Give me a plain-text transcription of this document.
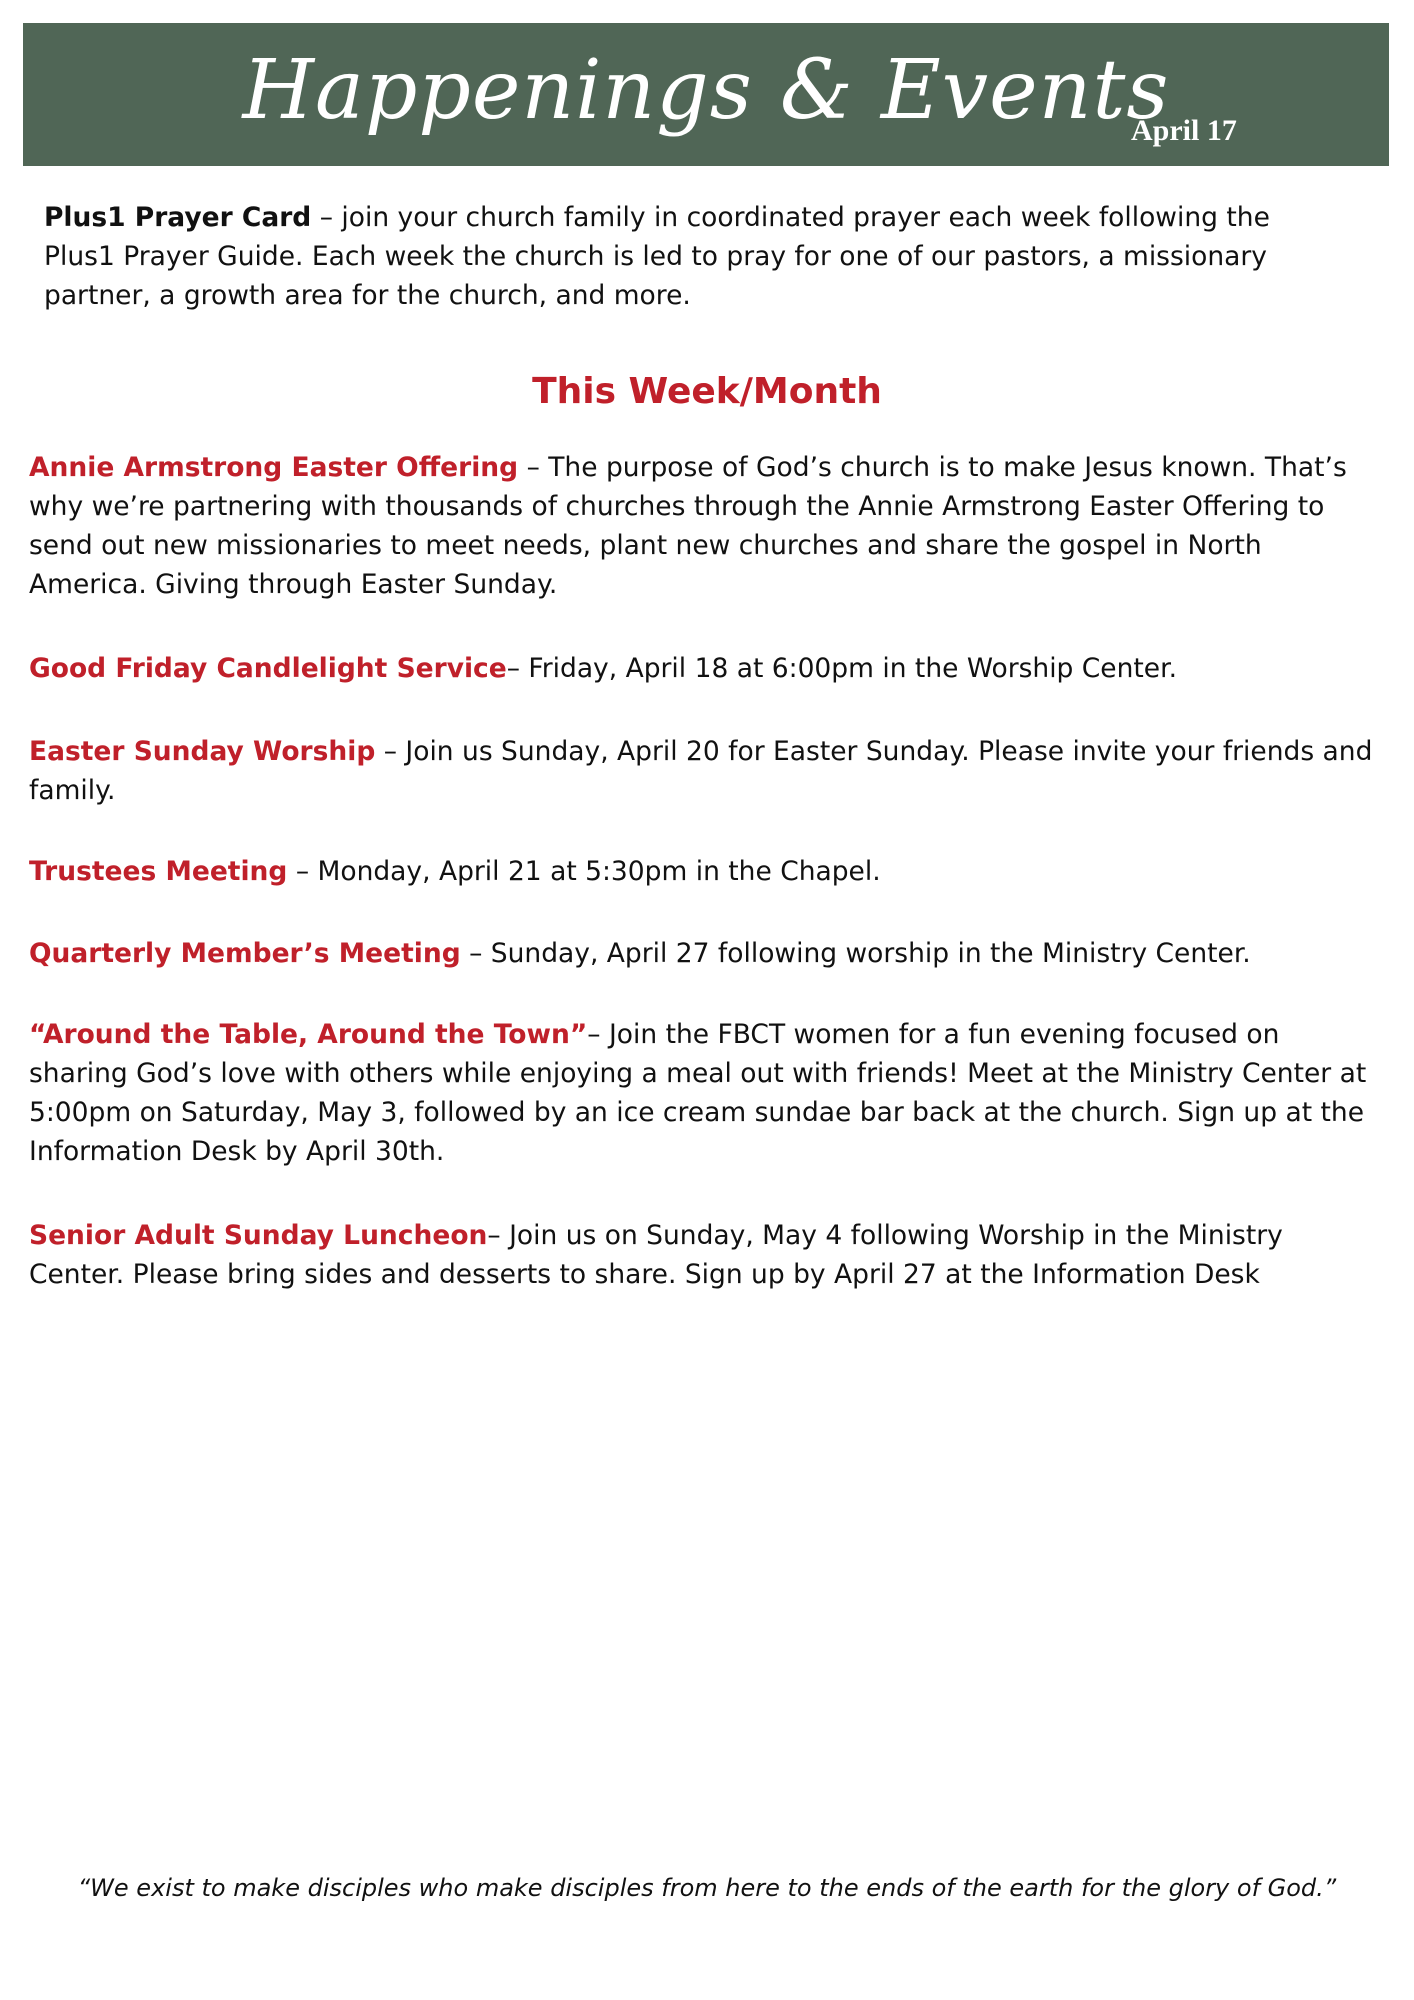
Happenings & Events
April 17

Plus1 Prayer Card – join your church family in coordinated prayer each week following the Plus1 Prayer Guide. Each week the church is led to pray for one of our pastors, a missionary partner, a growth area for the church, and more.

This Week/Month

Annie Armstrong Easter Offering – The purpose of God’s church is to make Jesus known. That’s why we’re partnering with thousands of churches through the Annie Armstrong Easter Offering to send out new missionaries to meet needs, plant new churches and share the gospel in North America. Giving through Easter Sunday.

Good Friday Candlelight Service– Friday, April 18 at 6:00pm in the Worship Center.

Easter Sunday Worship – Join us Sunday, April 20 for Easter Sunday. Please invite your friends and family.

Trustees Meeting – Monday, April 21 at 5:30pm in the Chapel.

Quarterly Member’s Meeting – Sunday, April 27 following worship in the Ministry Center.

“Around the Table, Around the Town”– Join the FBCT women for a fun evening focused on sharing God’s love with others while enjoying a meal out with friends! Meet at the Ministry Center at 5:00pm on Saturday, May 3, followed by an ice cream sundae bar back at the church. Sign up at the Information Desk by April 30th.

Senior Adult Sunday Luncheon– Join us on Sunday, May 4 following Worship in the Ministry Center. Please bring sides and desserts to share. Sign up by April 27 at the Information Desk

“We exist to make disciples who make disciples from here to the ends of the earth for the glory of God.”
